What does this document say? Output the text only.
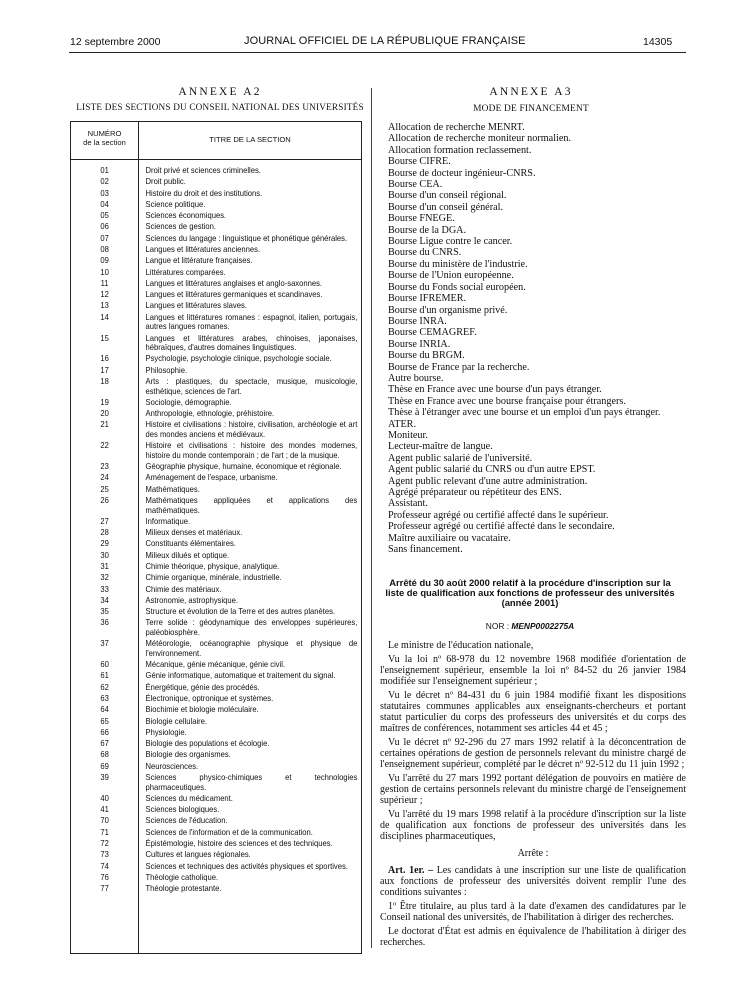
12 septembre 2000	JOURNAL OFFICIEL DE LA RÉPUBLIQUE FRANÇAISE	14305
ANNEXE A2
LISTE DES SECTIONS DU CONSEIL NATIONAL DES UNIVERSITÉS
NUMÉRO
de la section	TITRE DE LA SECTION
01	Droit privé et sciences criminelles.
02	Droit public.
03	Histoire du droit et des institutions.
04	Science politique.
05	Sciences économiques.
06	Sciences de gestion.
07	Sciences du langage : linguistique et phonétique générales.
08	Langues et littératures anciennes.
09	Langue et littérature françaises.
10	Littératures comparées.
11	Langues et littératures anglaises et anglo-saxonnes.
12	Langues et littératures germaniques et scandinaves.
13	Langues et littératures slaves.
14	Langues et littératures romanes : espagnol, italien, portugais, autres langues romanes.
15	Langues et littératures arabes, chinoises, japonaises, hébraïques, d'autres domaines linguistiques.
16	Psychologie, psychologie clinique, psychologie sociale.
17	Philosophie.
18	Arts : plastiques, du spectacle, musique, musicologie, esthétique, sciences de l'art.
19	Sociologie, démographie.
20	Anthropologie, ethnologie, préhistoire.
21	Histoire et civilisations : histoire, civilisation, archéologie et art des mondes anciens et médiévaux.
22	Histoire et civilisations : histoire des mondes modernes, histoire du monde contemporain ; de l'art ; de la musique.
23	Géographie physique, humaine, économique et régionale.
24	Aménagement de l'espace, urbanisme.
25	Mathématiques.
26	Mathématiques appliquées et applications des mathématiques.
27	Informatique.
28	Milieux denses et matériaux.
29	Constituants élémentaires.
30	Milieux dilués et optique.
31	Chimie théorique, physique, analytique.
32	Chimie organique, minérale, industrielle.
33	Chimie des matériaux.
34	Astronomie, astrophysique.
35	Structure et évolution de la Terre et des autres planètes.
36	Terre solide : géodynamique des enveloppes supérieures, paléobiosphère.
37	Météorologie, océanographie physique et physique de l'environnement.
60	Mécanique, génie mécanique, génie civil.
61	Génie informatique, automatique et traitement du signal.
62	Énergétique, génie des procédés.
63	Électronique, optronique et systèmes.
64	Biochimie et biologie moléculaire.
65	Biologie cellulaire.
66	Physiologie.
67	Biologie des populations et écologie.
68	Biologie des organismes.
69	Neurosciences.
39	Sciences physico-chimiques et technologies pharmaceutiques.
40	Sciences du médicament.
41	Sciences biologiques.
70	Sciences de l'éducation.
71	Sciences de l'information et de la communication.
72	Épistémologie, histoire des sciences et des techniques.
73	Cultures et langues régionales.
74	Sciences et techniques des activités physiques et sportives.
76	Théologie catholique.
77	Théologie protestante.
ANNEXE A3
MODE DE FINANCEMENT
Allocation de recherche MENRT.
Allocation de recherche moniteur normalien.
Allocation formation reclassement.
Bourse CIFRE.
Bourse de docteur ingénieur-CNRS.
Bourse CEA.
Bourse d'un conseil régional.
Bourse d'un conseil général.
Bourse FNEGE.
Bourse de la DGA.
Bourse Ligue contre le cancer.
Bourse du CNRS.
Bourse du ministère de l'industrie.
Bourse de l'Union européenne.
Bourse du Fonds social européen.
Bourse IFREMER.
Bourse d'un organisme privé.
Bourse INRA.
Bourse CEMAGREF.
Bourse INRIA.
Bourse du BRGM.
Bourse de France par la recherche.
Autre bourse.
Thèse en France avec une bourse d'un pays étranger.
Thèse en France avec une bourse française pour étrangers.
Thèse à l'étranger avec une bourse et un emploi d'un pays étranger.
ATER.
Moniteur.
Lecteur-maître de langue.
Agent public salarié de l'université.
Agent public salarié du CNRS ou d'un autre EPST.
Agent public relevant d'une autre administration.
Agrégé préparateur ou répétiteur des ENS.
Assistant.
Professeur agrégé ou certifié affecté dans le supérieur.
Professeur agrégé ou certifié affecté dans le secondaire.
Maître auxiliaire ou vacataire.
Sans financement.
Arrêté du 30 août 2000 relatif à la procédure d'inscription sur la liste de qualification aux fonctions de professeur des universités (année 2001)
NOR : MENP0002275A

Le ministre de l'éducation nationale,

Vu la loi nº 68-978 du 12 novembre 1968 modifiée d'orientation de l'enseignement supérieur, ensemble la loi nº 84-52 du 26 janvier 1984 modifiée sur l'enseignement supérieur ;

Vu le décret nº 84-431 du 6 juin 1984 modifié fixant les dispositions statutaires communes applicables aux enseignants-chercheurs et portant statut particulier du corps des professeurs des universités et du corps des maîtres de conférences, notamment ses articles 44 et 45 ;

Vu le décret nº 92-296 du 27 mars 1992 relatif à la déconcentration de certaines opérations de gestion de personnels relevant du ministre chargé de l'enseignement supérieur, complété par le décret nº 92-512 du 11 juin 1992 ;

Vu l'arrêté du 27 mars 1992 portant délégation de pouvoirs en matière de gestion de certains personnels relevant du ministre chargé de l'enseignement supérieur ;

Vu l'arrêté du 19 mars 1998 relatif à la procédure d'inscription sur la liste de qualification aux fonctions de professeur des universités dans les disciplines pharmaceutiques,

Arrête :

Art. 1er. – Les candidats à une inscription sur une liste de qualification aux fonctions de professeur des universités doivent remplir l'une des conditions suivantes :

1º Être titulaire, au plus tard à la date d'examen des candidatures par le Conseil national des universités, de l'habilitation à diriger des recherches.

Le doctorat d'État est admis en équivalence de l'habilitation à diriger des recherches.
